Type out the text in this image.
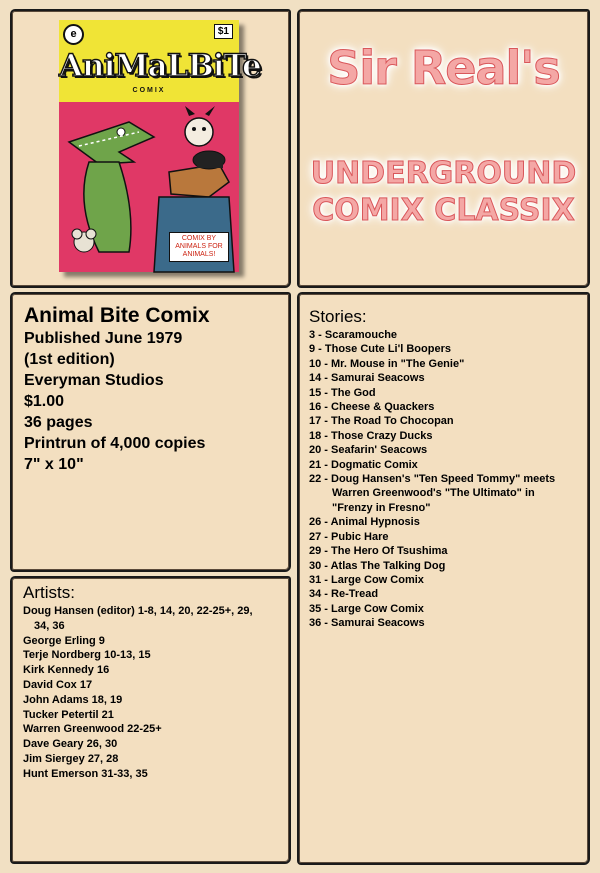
e	$1
AniMaLBiTe
COMIX
COMIX BY ANIMALS FOR ANIMALS!
Sir Real's
UNDERGROUND
COMIX CLASSIX
Animal Bite Comix
Published June 1979
(1st edition)
Everyman Studios
$1.00
36 pages
Printrun of 4,000 copies
7" x 10"
Artists:
Doug Hansen (editor) 1-8, 14, 20, 22-25+, 29,
34, 36
George Erling 9
Terje Nordberg 10-13, 15
Kirk Kennedy 16
David Cox 17
John Adams 18, 19
Tucker Petertil 21
Warren Greenwood 22-25+
Dave Geary 26, 30
Jim Siergey 27, 28
Hunt Emerson 31-33, 35
Stories:
3 - Scaramouche
9 - Those Cute Li'l Boopers
10 - Mr. Mouse in "The Genie"
14 - Samurai Seacows
15 - The God
16 - Cheese & Quackers
17 - The Road To Chocopan
18 - Those Crazy Ducks
20 - Seafarin' Seacows
21 - Dogmatic Comix
22 - Doug Hansen's "Ten Speed Tommy" meets
Warren Greenwood's "The Ultimato" in
"Frenzy in Fresno"
26 - Animal Hypnosis
27 - Pubic Hare
29 - The Hero Of Tsushima
30 - Atlas The Talking Dog
31 - Large Cow Comix
34 - Re-Tread
35 - Large Cow Comix
36 - Samurai Seacows
